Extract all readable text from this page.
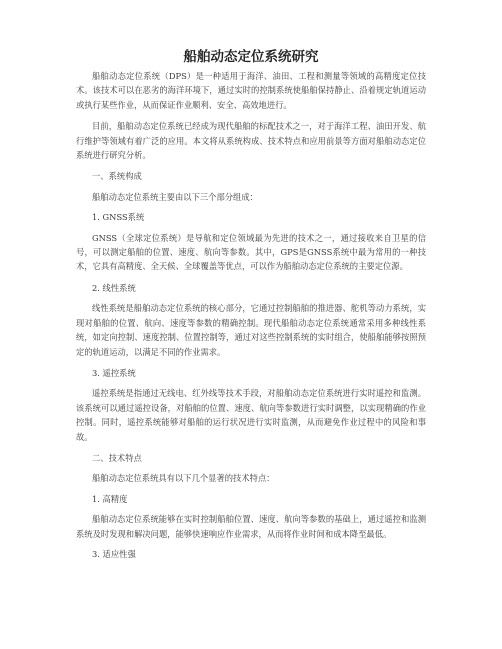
船舶动态定位系统研究

船舶动态定位系统（DPS）是一种适用于海洋、油田、工程和测量等领域的高精度定位技术。该技术可以在恶劣的海洋环境下，通过实时的控制系统使船舶保持静止、沿着规定轨道运动或执行某些作业，从而保证作业顺利、安全、高效地进行。

目前，船舶动态定位系统已经成为现代船舶的标配技术之一，对于海洋工程、油田开发、航行维护等领域有着广泛的应用。本文将从系统构成、技术特点和应用前景等方面对船舶动态定位系统进行研究分析。

一、系统构成

船舶动态定位系统主要由以下三个部分组成：

1. GNSS系统

GNSS（全球定位系统）是导航和定位领域最为先进的技术之一，通过接收来自卫星的信号，可以测定船舶的位置、速度、航向等参数。其中，GPS是GNSS系统中最为常用的一种技术，它具有高精度、全天候、全球覆盖等优点，可以作为船舶动态定位系统的主要定位源。

2. 线性系统

线性系统是船舶动态定位系统的核心部分，它通过控制船舶的推进器、舵机等动力系统，实现对船舶的位置、航向、速度等参数的精确控制。现代船舶动态定位系统通常采用多种线性系统，如定向控制、速度控制、位置控制等，通过对这些控制系统的实时组合，使船舶能够按照预定的轨道运动，以满足不同的作业需求。

3. 遥控系统

遥控系统是指通过无线电、红外线等技术手段，对船舶动态定位系统进行实时遥控和监测。该系统可以通过遥控设备，对船舶的位置、速度、航向等参数进行实时调整，以实现精确的作业控制。同时，遥控系统能够对船舶的运行状况进行实时监测，从而避免作业过程中的风险和事故。

二、技术特点

船舶动态定位系统具有以下几个显著的技术特点：

1. 高精度

船舶动态定位系统能够在实时控制船舶位置、速度、航向等参数的基础上，通过遥控和监测系统及时发现和解决问题，能够快速响应作业需求，从而将作业时间和成本降至最低。

3. 适应性强
